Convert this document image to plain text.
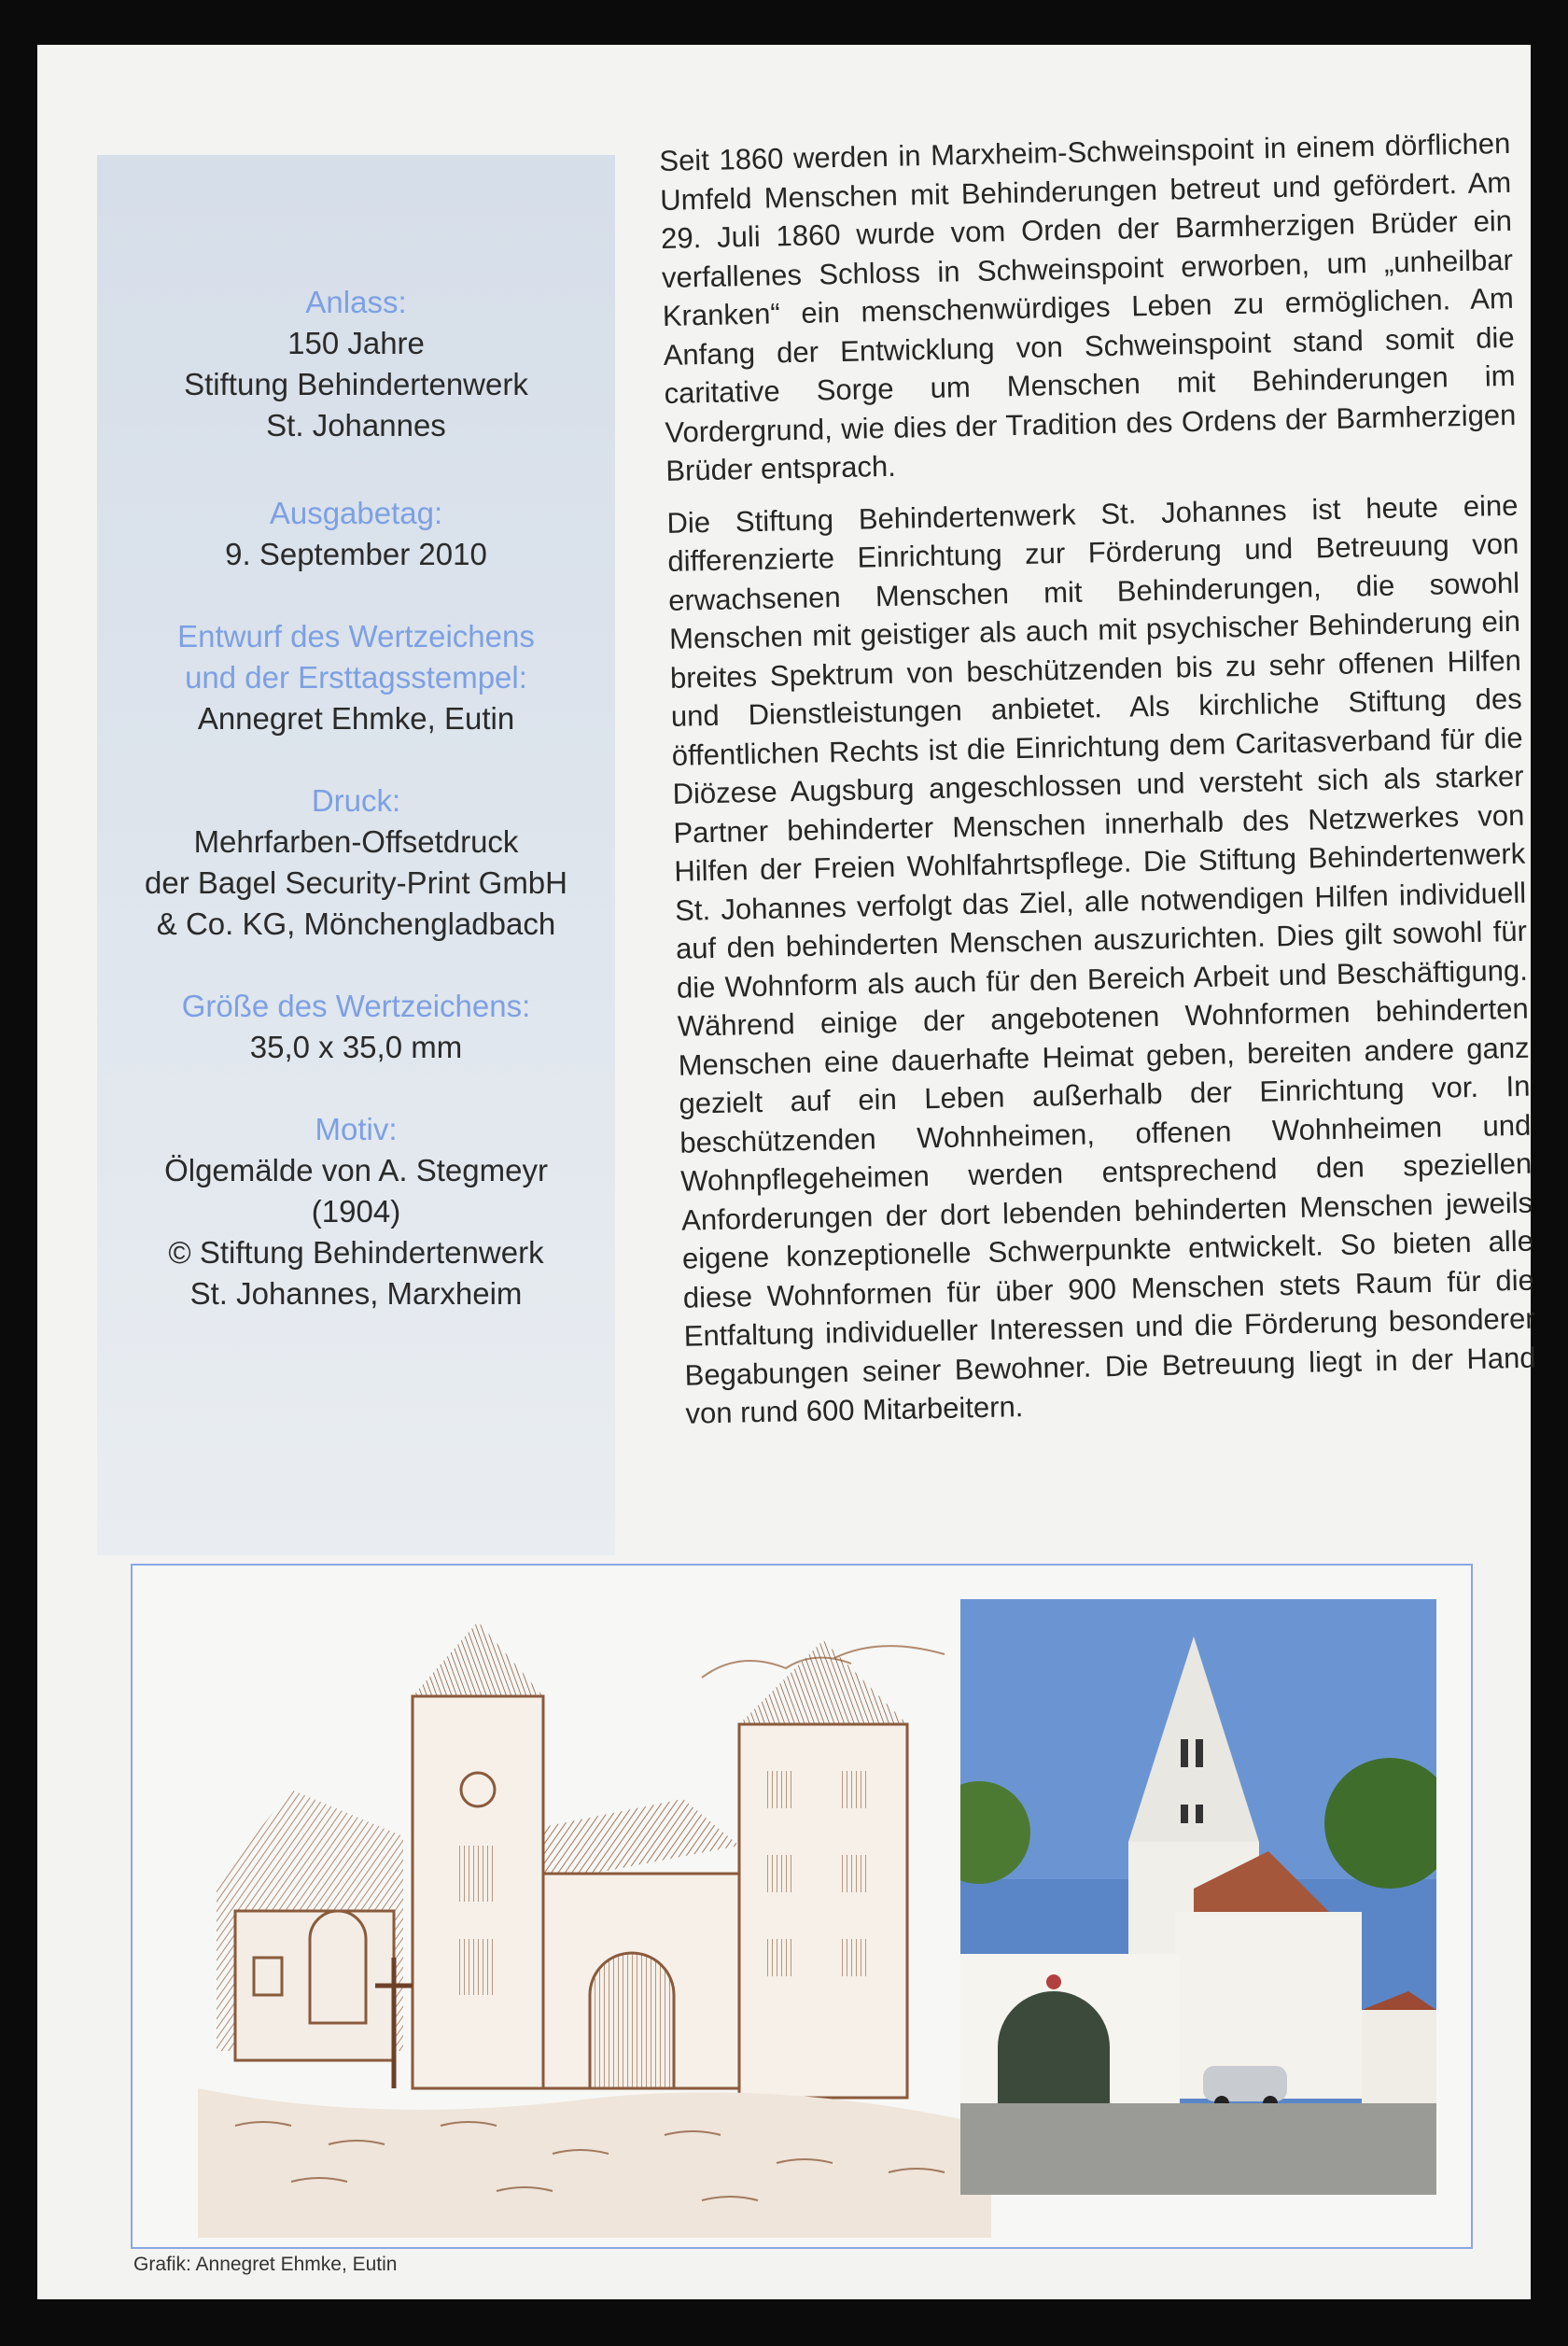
Anlass:
150 Jahre
Stiftung Behindertenwerk
St. Johannes
Ausgabetag:
9. September 2010
Entwurf des Wertzeichens
und der Ersttagsstempel:
Annegret Ehmke, Eutin
Druck:
Mehrfarben-Offsetdruck
der Bagel Security-Print GmbH
& Co. KG, Mönchengladbach
Größe des Wertzeichens:
35,0 x 35,0 mm
Motiv:
Ölgemälde von A. Stegmeyr
(1904)
© Stiftung Behindertenwerk
St. Johannes, Marxheim

Seit 1860 werden in Marxheim-Schweinspoint in einem dörflichen Umfeld Menschen mit Behinderungen betreut und gefördert. Am 29. Juli 1860 wurde vom Orden der Barmherzigen Brüder ein verfallenes Schloss in Schweinspoint erworben, um „unheilbar Kranken“ ein menschenwürdiges Leben zu ermöglichen. Am Anfang der Entwicklung von Schweinspoint stand somit die caritative Sorge um Menschen mit Behinderungen im Vordergrund, wie dies der Tradition des Ordens der Barmherzigen Brüder entsprach.

Die Stiftung Behindertenwerk St. Johannes ist heute eine differenzierte Einrichtung zur Förderung und Betreuung von erwachsenen Menschen mit Behinderungen, die sowohl Menschen mit geistiger als auch mit psychischer Behinderung ein breites Spektrum von beschützenden bis zu sehr offenen Hilfen und Dienstleistungen anbietet. Als kirchliche Stiftung des öffentlichen Rechts ist die Einrichtung dem Caritasverband für die Diözese Augsburg angeschlossen und versteht sich als starker Partner behinderter Menschen innerhalb des Netzwerkes von Hilfen der Freien Wohlfahrtspflege. Die Stiftung Behindertenwerk St. Johannes verfolgt das Ziel, alle notwendigen Hilfen individuell auf den behinderten Menschen auszurichten. Dies gilt sowohl für die Wohnform als auch für den Bereich Arbeit und Beschäftigung. Während einige der angebotenen Wohnformen behinderten Menschen eine dauerhafte Heimat geben, bereiten andere ganz gezielt auf ein Leben außerhalb der Einrichtung vor. In beschützenden Wohnheimen, offenen Wohnheimen und Wohnpflegeheimen werden entsprechend den speziellen Anforderungen der dort lebenden behinderten Menschen jeweils eigene konzeptionelle Schwerpunkte entwickelt. So bieten alle diese Wohnformen für über 900 Menschen stets Raum für die Entfaltung individueller Interessen und die Förderung besonderer Begabungen seiner Bewohner. Die Betreuung liegt in der Hand von rund 600 Mitarbeitern.

Grafik: Annegret Ehmke, Eutin
